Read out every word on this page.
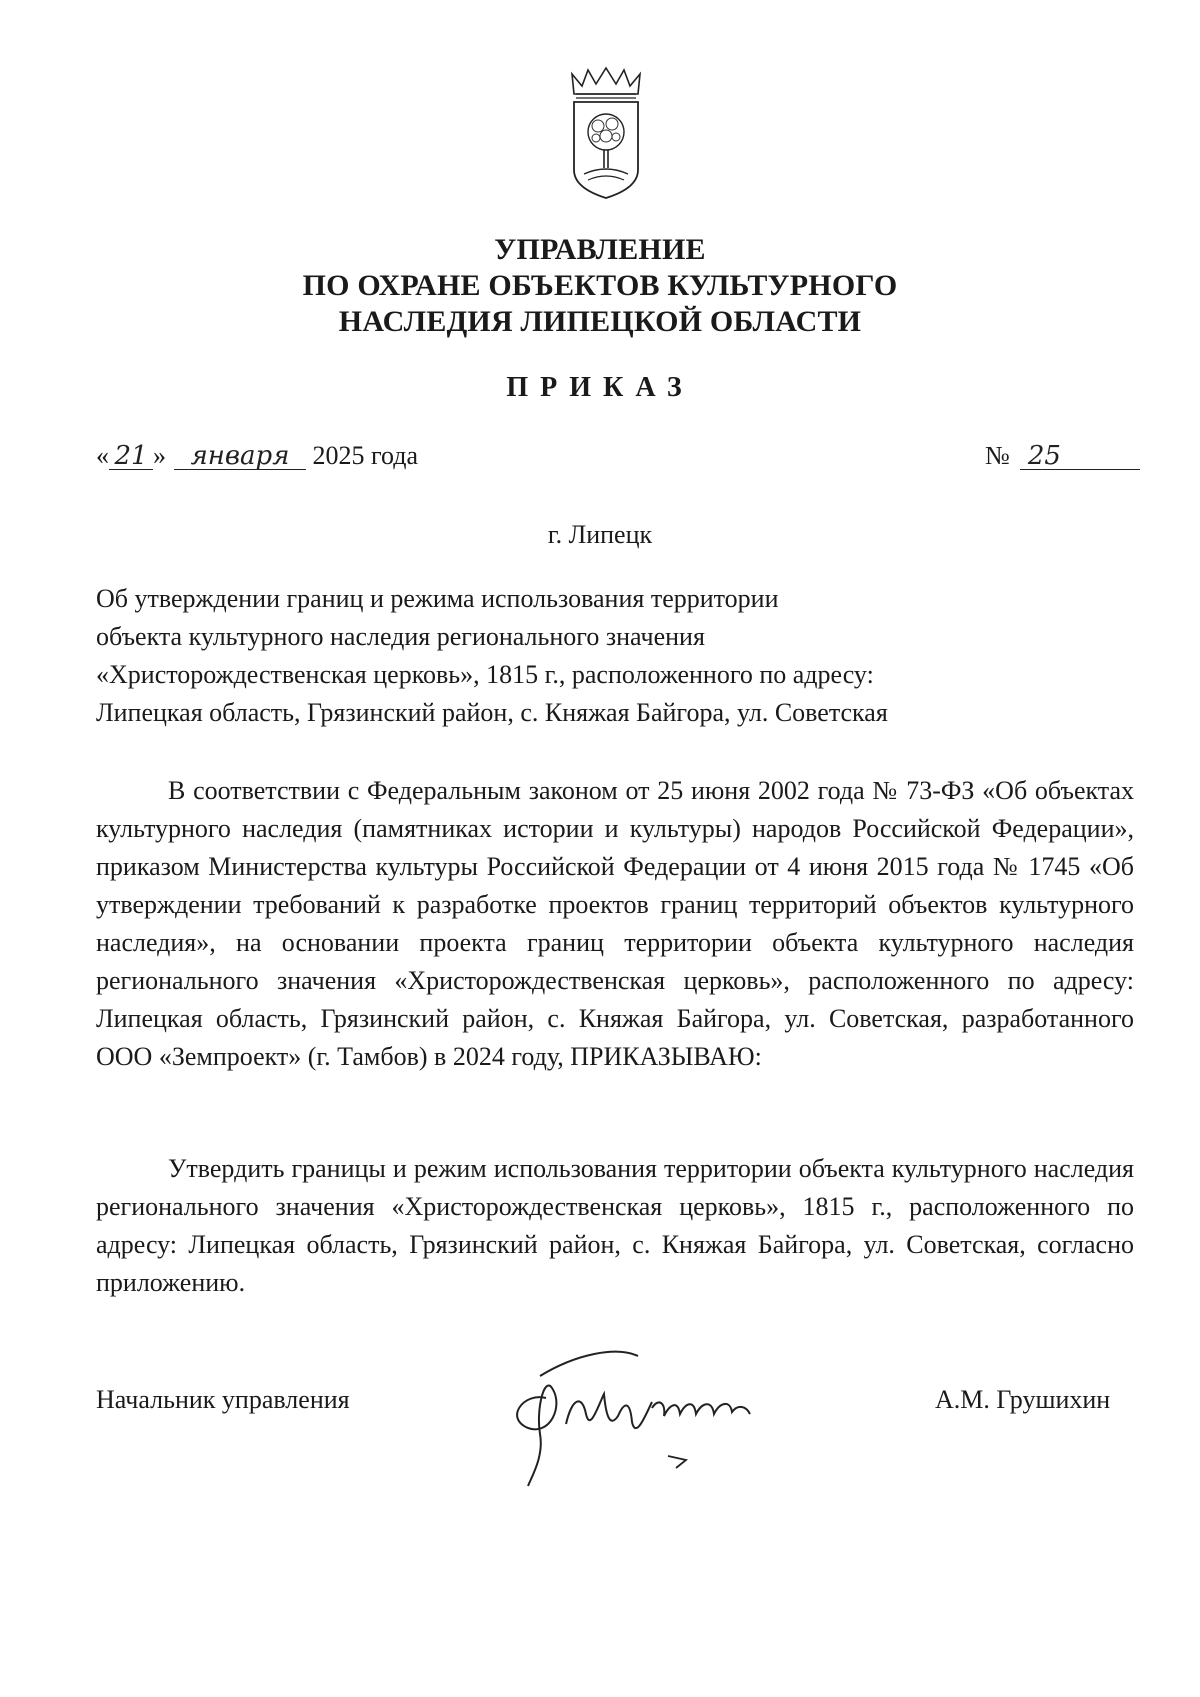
УПРАВЛЕНИЕ
ПО ОХРАНЕ ОБЪЕКТОВ КУЛЬТУРНОГО
НАСЛЕДИЯ ЛИПЕЦКОЙ ОБЛАСТИ
ПРИКАЗ
« 21 » января 2025 года	№ 25
г. Липецк
Об утверждении границ и режима использования территории
объекта культурного наследия регионального значения
«Христорождественская церковь», 1815 г., расположенного по адресу:
Липецкая область, Грязинский район, с. Княжая Байгора, ул. Советская
В соответствии с Федеральным законом от 25 июня 2002 года № 73-ФЗ «Об объектах культурного наследия (памятниках истории и культуры) народов Российской Федерации», приказом Министерства культуры Российской Федерации от 4 июня 2015 года № 1745 «Об утверждении требований к разработке проектов границ территорий объектов культурного наследия», на основании проекта границ территории объекта культурного наследия регионального значения «Христорождественская церковь», расположенного по адресу: Липецкая область, Грязинский район, с. Княжая Байгора, ул. Советская, разработанного ООО «Земпроект» (г. Тамбов) в 2024 году, ПРИКАЗЫВАЮ:
Утвердить границы и режим использования территории объекта культурного наследия регионального значения «Христорождественская церковь», 1815 г., расположенного по адресу: Липецкая область, Грязинский район, с. Княжая Байгора, ул. Советская, согласно приложению.
Начальник управления	А.М. Грушихин
